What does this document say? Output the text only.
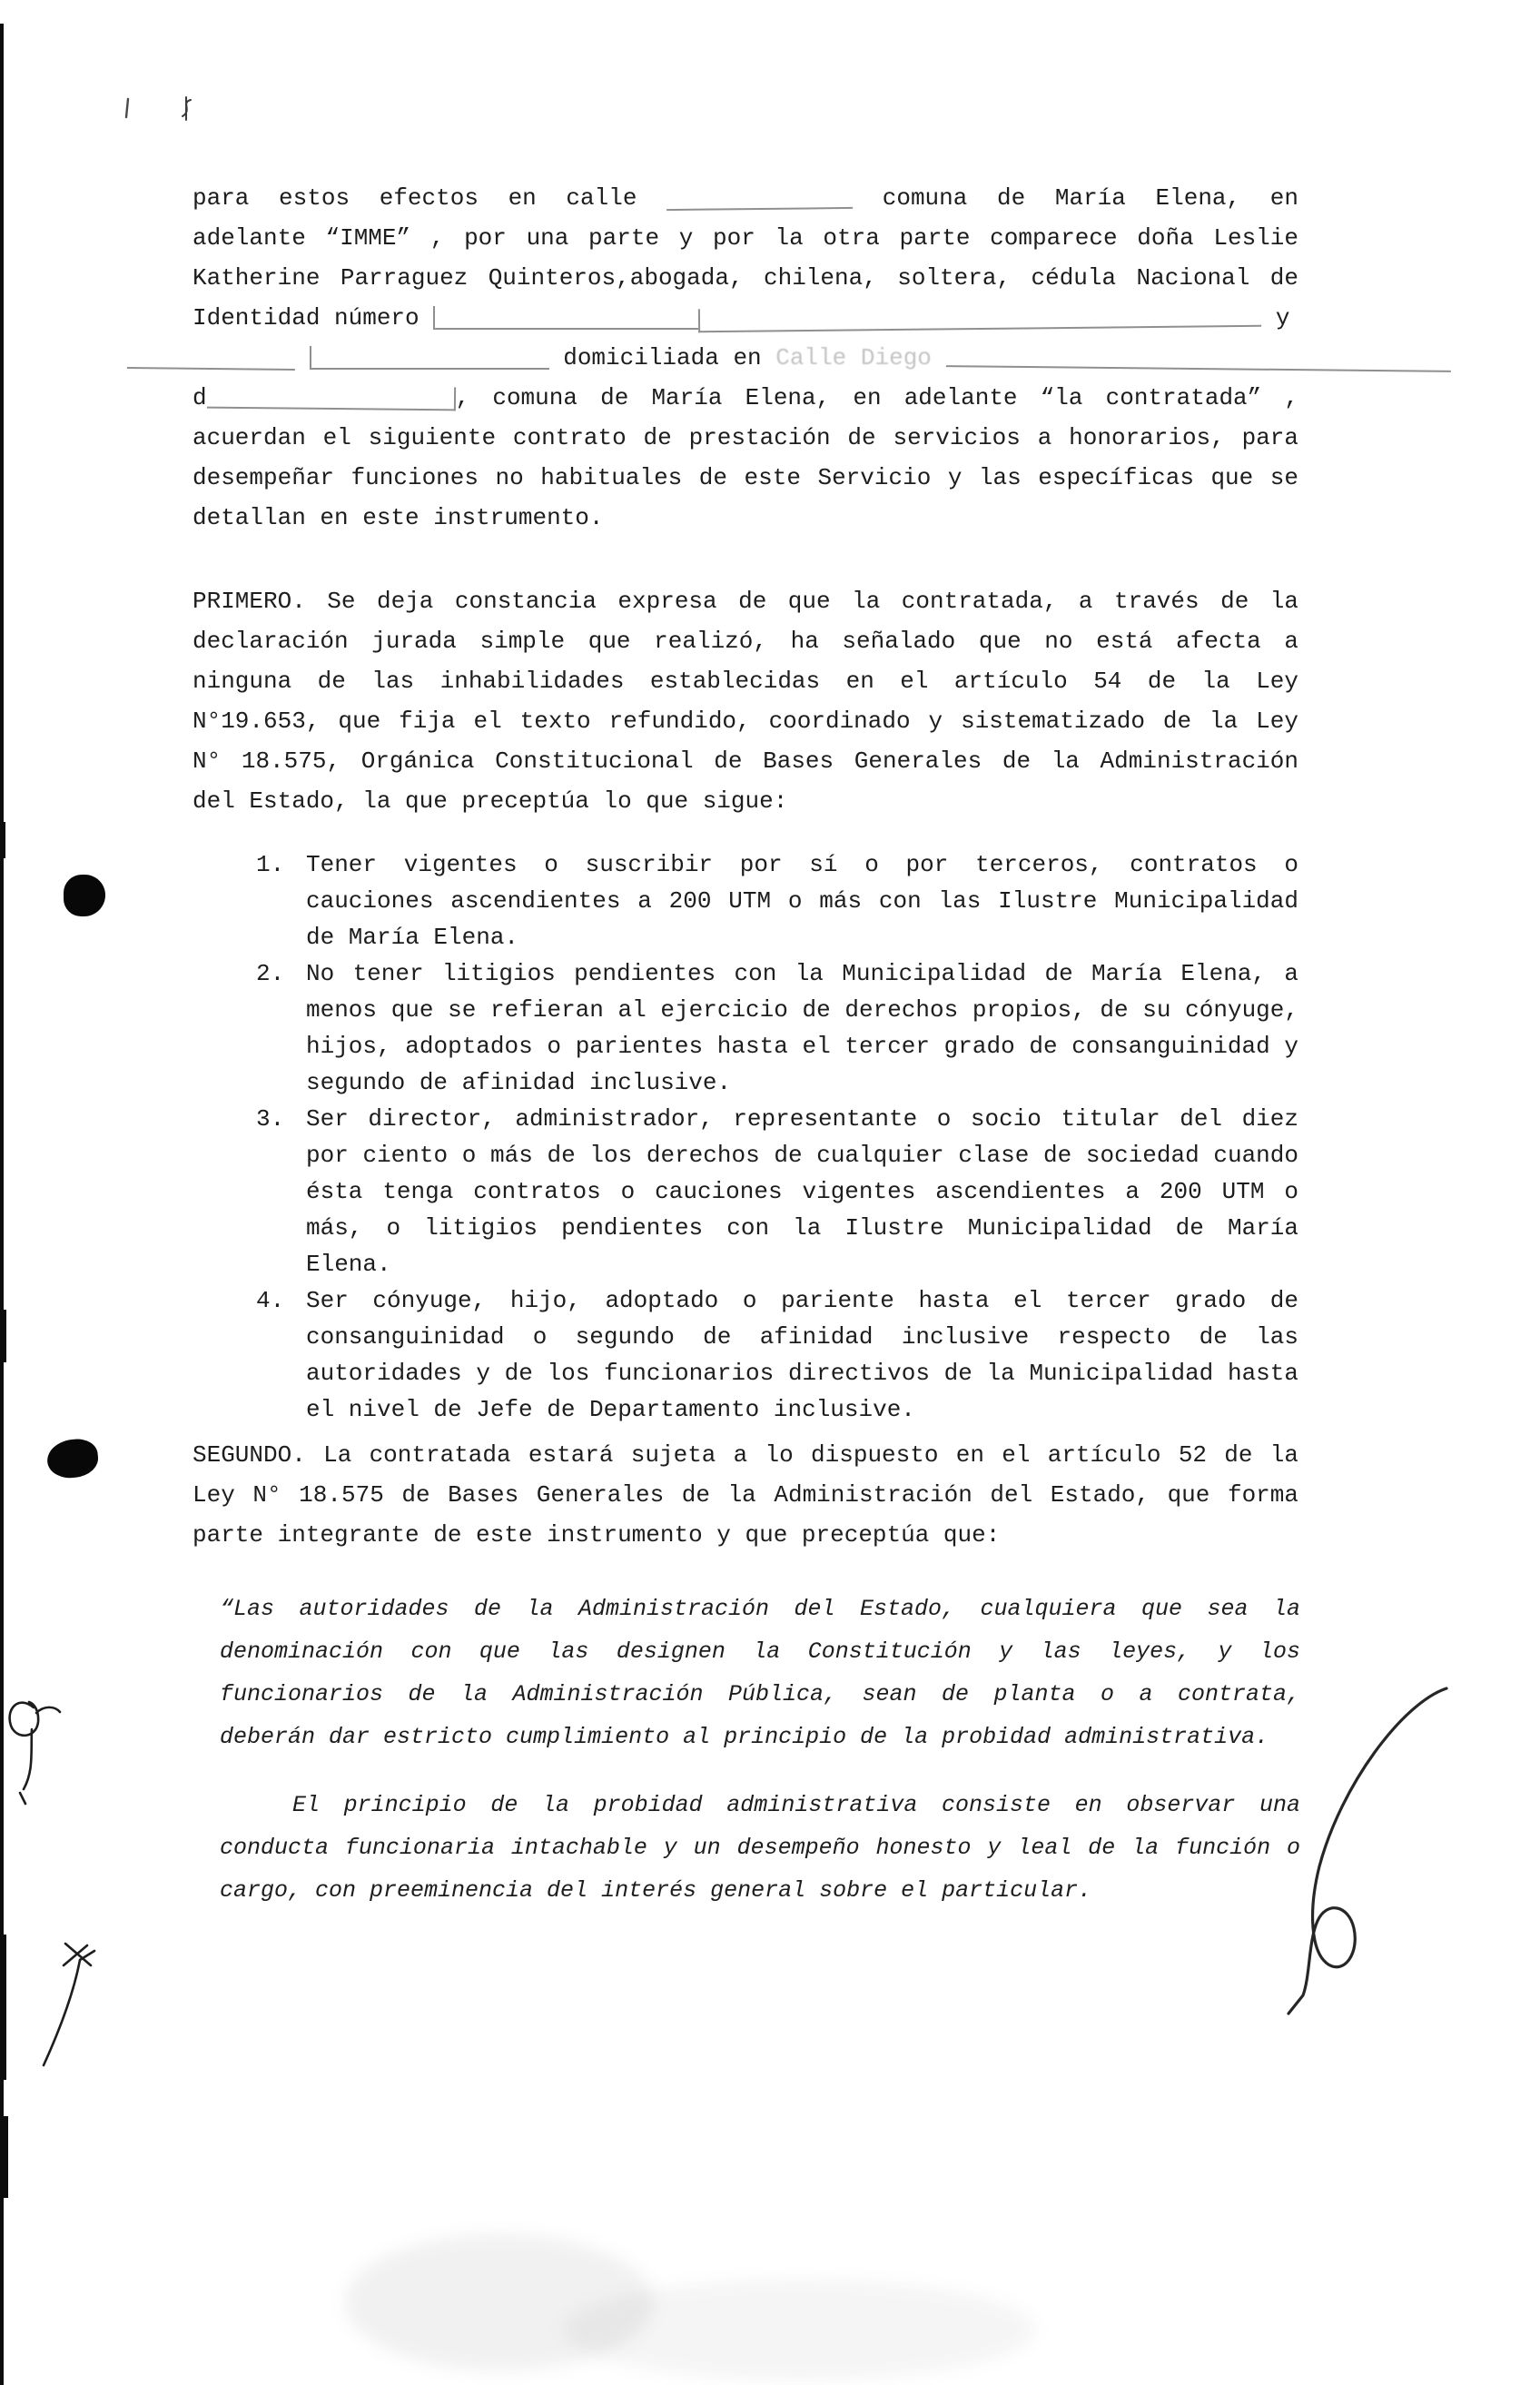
para estos efectos en calle	comuna de María Elena, en
adelante “IMME” , por una parte y por la otra parte comparece doña Leslie
Katherine Parraguez Quinteros,abogada, chilena, soltera, cédula Nacional de
Identidad número	y
domiciliada en Calle Diego
d	, comuna de María Elena, en adelante “la contratada” ,
acuerdan el siguiente contrato de prestación de servicios a honorarios, para
desempeñar funciones no habituales de este Servicio y las específicas que se
detallan en este instrumento.
PRIMERO. Se deja constancia expresa de que la contratada, a través de la
declaración jurada simple que realizó, ha señalado que no está afecta a
ninguna de las inhabilidades establecidas en el artículo 54 de la Ley
N°19.653, que fija el texto refundido, coordinado y sistematizado de la Ley
N° 18.575, Orgánica Constitucional de Bases Generales de la Administración
del Estado, la que preceptúa lo que sigue:
1. Tener vigentes o suscribir por sí o por terceros, contratos o
cauciones ascendientes a 200 UTM o más con las Ilustre Municipalidad
de María Elena.
2. No tener litigios pendientes con la Municipalidad de María Elena, a
menos que se refieran al ejercicio de derechos propios, de su cónyuge,
hijos, adoptados o parientes hasta el tercer grado de consanguinidad y
segundo de afinidad inclusive.
3. Ser director, administrador, representante o socio titular del diez
por ciento o más de los derechos de cualquier clase de sociedad cuando
ésta tenga contratos o cauciones vigentes ascendientes a 200 UTM o
más, o litigios pendientes con la Ilustre Municipalidad de María
Elena.
4. Ser cónyuge, hijo, adoptado o pariente hasta el tercer grado de
consanguinidad o segundo de afinidad inclusive respecto de las
autoridades y de los funcionarios directivos de la Municipalidad hasta
el nivel de Jefe de Departamento inclusive.
SEGUNDO. La contratada estará sujeta a lo dispuesto en el artículo 52 de la
Ley N° 18.575 de Bases Generales de la Administración del Estado, que forma
parte integrante de este instrumento y que preceptúa que:
“Las autoridades de la Administración del Estado, cualquiera que sea la
denominación con que las designen la Constitución y las leyes, y los
funcionarios de la Administración Pública, sean de planta o a contrata,
deberán dar estricto cumplimiento al principio de la probidad administrativa.
El principio de la probidad administrativa consiste en observar una
conducta funcionaria intachable y un desempeño honesto y leal de la función o
cargo, con preeminencia del interés general sobre el particular.
